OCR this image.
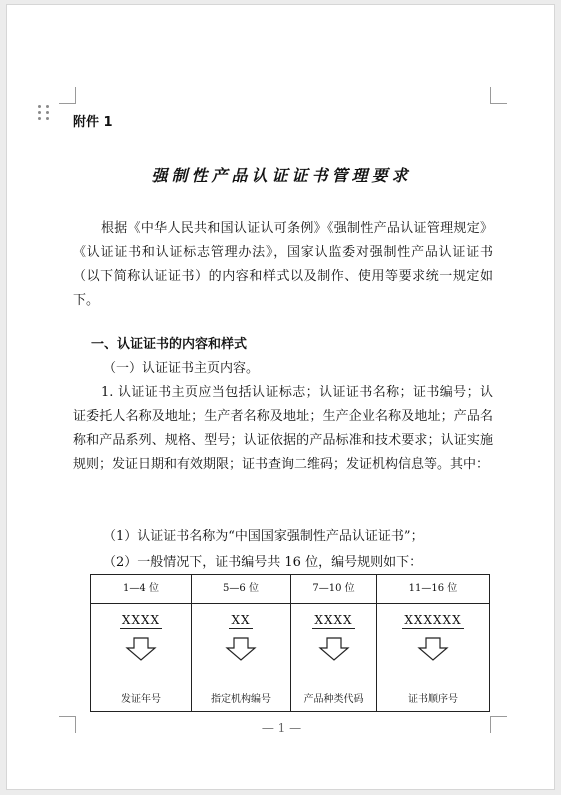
附件 1
强制性产品认证证书管理要求

根据《中华人民共和国认证认可条例》《强制性产品认证管理规定》《认证证书和认证标志管理办法》，国家认监委对强制性产品认证证书（以下简称认证证书）的内容和样式以及制作、使用等要求统一规定如下。

一、认证证书的内容和样式
（一）认证证书主页内容。

1. 认证证书主页应当包括认证标志；认证证书名称；证书编号；认证委托人名称及地址；生产者名称及地址；生产企业名称及地址；产品名称和产品系列、规格、型号；认证依据的产品标准和技术要求；认证实施规则；发证日期和有效期限；证书查询二维码；发证机构信息等。其中：

（1）认证证书名称为“中国国家强制性产品认证证书”；
（2）一般情况下，证书编号共 16 位，编号规则如下：
1—4 位
XXXX
发证年号
5—6 位
XX
指定机构编号
7—10 位
XXXX
产品种类代码
11—16 位
XXXXXX
证书顺序号
— 1 —
